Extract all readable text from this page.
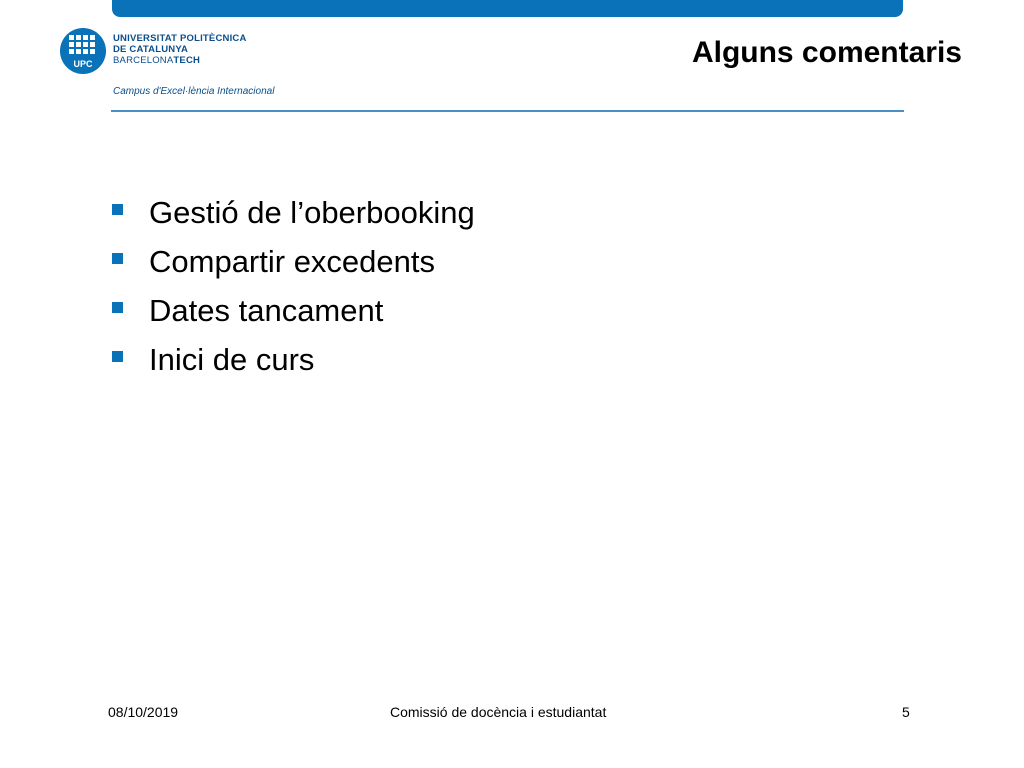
UPC
UNIVERSITAT POLITÈCNICA
DE CATALUNYA
BARCELONATECH
Campus d'Excel·lència Internacional
Alguns comentaris
Gestió de l’oberbooking
Compartir excedents
Dates tancament
Inici de curs
08/10/2019	Comissió de docència i estudiantat	5
